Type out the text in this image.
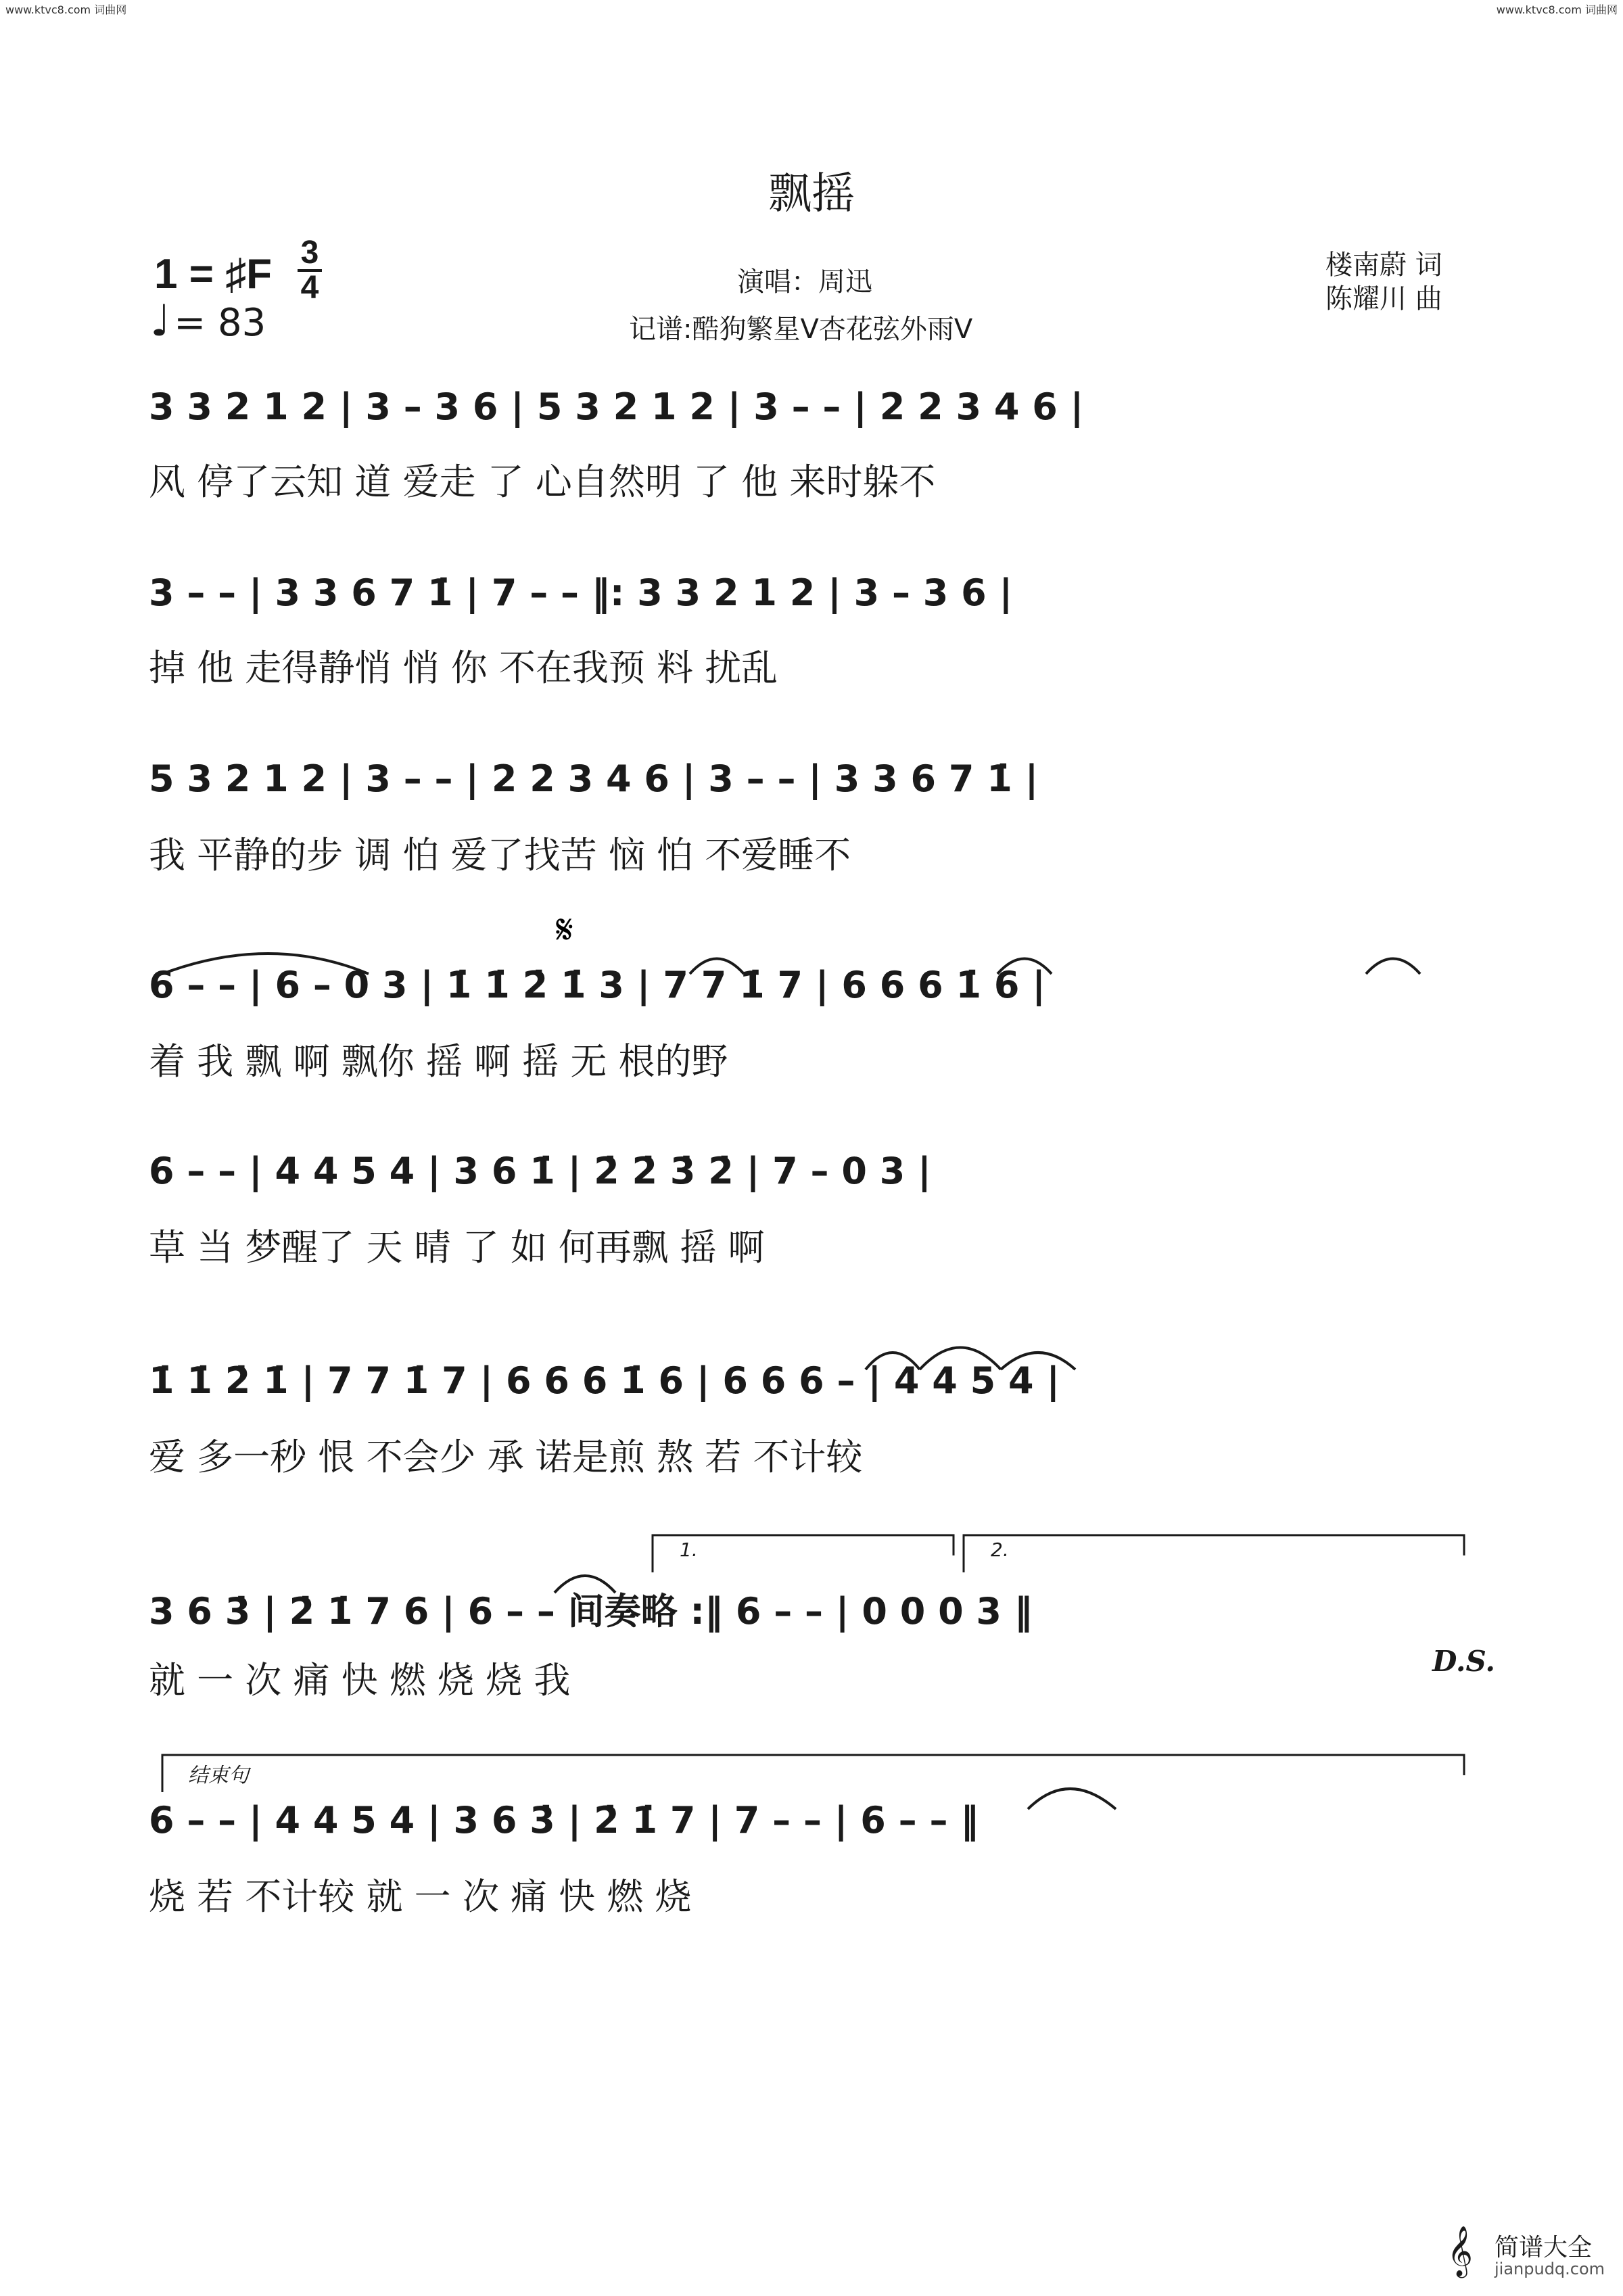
www.ktvc8.com 词曲网	www.ktvc8.com 词曲网
飘摇
1 = ♯F 3
4
♩ = 83
演唱：周迅
记谱:酷狗繁星V杏花弦外雨V
楼南蔚 词
陈耀川 曲
3 3 2 1 2 | 3 – 3 6 | 5 3 2 1 2 | 3 – – | 2 2 3 4 6 |
风 停了云知 道 爱走 了 心自然明 了 他 来时躲不
3 – – | 3 3 6 7 1̇ | 7 – – ‖: 3 3 2 1 2 | 3 – 3 6 |
掉 他 走得静悄 悄 你 不在我预 料 扰乱
5 3 2 1 2 | 3 – – | 2 2 3 4 6 | 3 – – | 3 3 6 7 1̇ |
我 平静的步 调 怕 爱了找苦 恼 怕 不爱睡不
6 – – | 6 – 0 3 | 1̇ 1̇ 2̇ 1̇ 3 | 7 7 1̇ 7 | 6 6 6 1̇ 6 |
着 我 飘 啊 飘你 摇 啊 摇 无 根的野
6 – – | 4 4 5 4 | 3 6 1̇ | 2̇ 2̇ 3̇ 2̇ | 7 – 0 3 |
草 当 梦醒了 天 晴 了 如 何再飘 摇 啊
1̇ 1̇ 2̇ 1̇ | 7 7 1̇ 7 | 6 6 6 1̇ 6 | 6 6 6 – | 4 4 5 4 |
爱 多一秒 恨 不会少 承 诺是煎 熬 若 不计较
1.	2.
3 6 3̇ | 2̇ 1̇ 7 6 | 6 – – 间奏略 :‖ 6 – – | 0 0 0 3 ‖
就 一 次 痛 快 燃 烧 烧 我	D.S.
结束句
6 – – | 4 4 5 4 | 3 6 3̇ | 2̇ 1̇ 7 | 7 – – | 6 – – ‖
烧 若 不计较 就 一 次 痛 快 燃 烧
𝄋
𝄞 简谱大全
jianpudq.com
